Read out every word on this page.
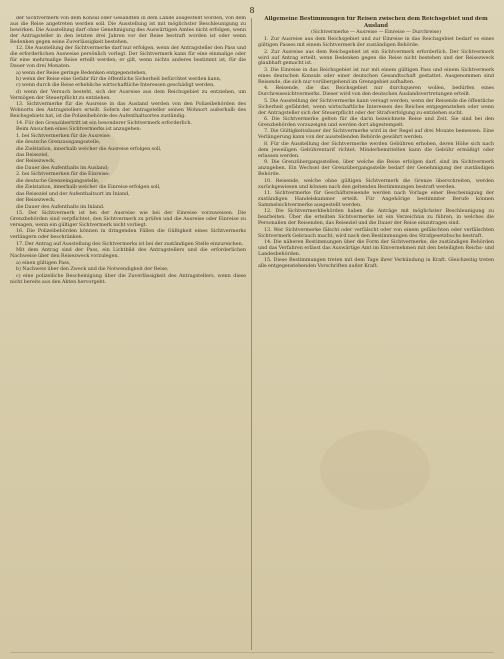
8

der Sichtvermerk von dem Konsul oder Gesandten in dem Lande ausgestellt worden, von dem aus die Reise angetreten werden soll. Die Ausstellung ist mit möglichster Beschleunigung zu bewirken. Die Ausstellung darf ohne Genehmigung des Auswärtigen Amtes nicht erfolgen, wenn der Antragsteller in den letzten drei Jahren vor der Reise bestraft worden ist oder wenn Bedenken gegen seine Zuverlässigkeit bestehen.

12. Die Ausstellung der Sichtvermerke darf nur erfolgen, wenn der Antragsteller den Pass und die erforderlichen Ausweise persönlich vorlegt. Der Sichtvermerk kann für eine einmalige oder für eine mehrmalige Reise erteilt werden; er gilt, wenn nichts anderes bestimmt ist, für die Dauer von drei Monaten.

a) wenn der Reise geringe Bedenken entgegenstehen,

b) wenn der Reise eine Gefahr für die öffentliche Sicherheit befürchtet werden kann,

c) wenn durch die Reise erhebliche wirtschaftliche Interessen geschädigt werden,

d) wenn der Versuch besteht, sich der Ausreise aus dem Reichsgebiet zu entziehen, um Vermögen der Steuerpflicht zu entziehen.

13. Sichtvermerke für die Ausreise in das Ausland werden von den Polizeibehörden des Wohnorts des Antragstellers erteilt. Sofern der Antragsteller seinen Wohnort außerhalb des Reichsgebiets hat, ist die Polizeibehörde des Aufenthaltsortes zuständig.

14. Für den Grenzübertritt ist ein besonderer Sichtvermerk erforderlich.

Beim Ansuchen eines Sichtvermerks ist anzugeben:

1. bei Sichtvermerken für die Ausreise:

die deutsche Grenzausgangsstelle,

die Zielstation, innerhalb welcher die Ausreise erfolgen soll,

das Reiseziel,

der Reisezweck,

die Dauer des Aufenthalts im Ausland;

2. bei Sichtvermerken für die Einreise:

die deutsche Grenzeingangsstelle,

die Zielstation, innerhalb welcher die Einreise erfolgen soll,

das Reiseziel und der Aufenthaltsort im Inland,

der Reisezweck,

die Dauer des Aufenthalts im Inland.

15. Der Sichtvermerk ist bei der Ausreise wie bei der Einreise vorzuweisen. Die Grenzbehörden sind verpflichtet, den Sichtvermerk zu prüfen und die Ausreise oder Einreise zu versagen, wenn ein gültiger Sichtvermerk nicht vorliegt.

16. Die Polizeibehörden können in dringenden Fällen die Gültigkeit eines Sichtvermerks verlängern oder beschränken.

17. Der Antrag auf Ausstellung des Sichtvermerks ist bei der zuständigen Stelle einzureichen.

Mit dem Antrag sind der Pass, ein Lichtbild des Antragstellers und die erforderlichen Nachweise über den Reisezweck vorzulegen.

a) einen gültigen Pass,

b) Nachweis über den Zweck und die Notwendigkeit der Reise,

c) eine polizeiliche Bescheinigung über die Zuverlässigkeit des Antragstellers, wenn diese nicht bereits aus den Akten hervorgeht.

Allgemeine Bestimmungen für Reisen zwischen dem Reichsgebiet und dem Ausland
(Sichtvermerke — Ausreise — Einreise — Durchreise)

1. Zur Ausreise aus dem Reichsgebiet und zur Einreise in das Reichsgebiet bedarf es eines gültigen Passes mit einem Sichtvermerk der zuständigen Behörde.

2. Zur Ausreise aus dem Reichsgebiet ist ein Sichtvermerk erforderlich. Der Sichtvermerk wird auf Antrag erteilt, wenn Bedenken gegen die Reise nicht bestehen und der Reisezweck glaubhaft gemacht ist.

3. Die Einreise in das Reichsgebiet ist nur mit einem gültigen Pass und einem Sichtvermerk eines deutschen Konsuls oder einer deutschen Gesandtschaft gestattet. Ausgenommen sind Reisende, die sich nur vorübergehend im Grenzgebiet aufhalten.

4. Reisende, die das Reichsgebiet nur durchqueren wollen, bedürfen eines Durchreisesichtvermerks. Dieser wird von den deutschen Auslandsvertretungen erteilt.

5. Die Ausstellung der Sichtvermerke kann versagt werden, wenn der Reisende die öffentliche Sicherheit gefährdet, wenn wirtschaftliche Interessen des Reiches entgegenstehen oder wenn der Antragsteller sich der Steuerpflicht oder der Strafverfolgung zu entziehen sucht.

6. Die Sichtvermerke gelten für die darin bezeichnete Reise und Zeit. Sie sind bei den Grenzbehörden vorzuzeigen und werden dort abgestempelt.

7. Die Gültigkeitsdauer der Sichtvermerke wird in der Regel auf drei Monate bemessen. Eine Verlängerung kann von der ausstellenden Behörde gewährt werden.

8. Für die Ausstellung der Sichtvermerke werden Gebühren erhoben, deren Höhe sich nach dem jeweiligen Gebührentarif richtet. Minderbemittelten kann die Gebühr ermäßigt oder erlassen werden.

9. Die Grenzübergangsstellen, über welche die Reise erfolgen darf, sind im Sichtvermerk anzugeben. Ein Wechsel der Grenzübergangsstelle bedarf der Genehmigung der zuständigen Behörde.

10. Reisende, welche ohne gültigen Sichtvermerk die Grenze überschreiten, werden zurückgewiesen und können nach den geltenden Bestimmungen bestraft werden.

11. Sichtvermerke für Geschäftsreisende werden nach Vorlage einer Bescheinigung der zuständigen Handelskammer erteilt. Für Angehörige bestimmter Berufe können Sammelsichtvermerke ausgestellt werden.

12. Die Sichtvermerkbehörden haben die Anträge mit möglichster Beschleunigung zu bearbeiten. Über die erteilten Sichtvermerke ist ein Verzeichnis zu führen, in welches die Personalien der Reisenden, das Reiseziel und die Dauer der Reise einzutragen sind.

13. Wer Sichtvermerke fälscht oder verfälscht oder von einem gefälschten oder verfälschten Sichtvermerk Gebrauch macht, wird nach den Bestimmungen des Strafgesetzbuchs bestraft.

14. Die näheren Bestimmungen über die Form der Sichtvermerke, die zuständigen Behörden und das Verfahren erlässt das Auswärtige Amt im Einvernehmen mit den beteiligten Reichs- und Landesbehörden.

15. Diese Bestimmungen treten mit dem Tage ihrer Verkündung in Kraft. Gleichzeitig treten alle entgegenstehenden Vorschriften außer Kraft.
